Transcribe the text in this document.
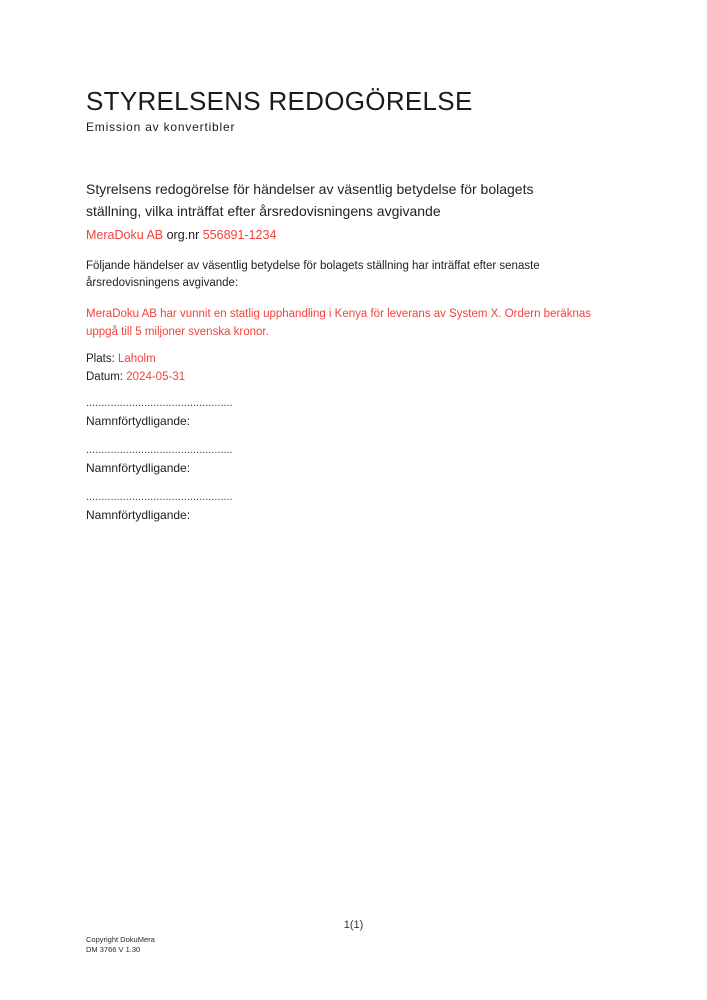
STYRELSENS REDOGÖRELSE
Emission av konvertibler
Styrelsens redogörelse för händelser av väsentlig betydelse för bolagets ställning, vilka inträffat efter årsredovisningens avgivande
MeraDoku AB org.nr 556891-1234
Följande händelser av väsentlig betydelse för bolagets ställning har inträffat efter senaste årsredovisningens avgivande:
MeraDoku AB har vunnit en statlig upphandling i Kenya för leverans av System X. Ordern beräknas uppgå till 5 miljoner svenska kronor.
Plats: Laholm
Datum: 2024-05-31
................................................
Namnförtydligande:
................................................
Namnförtydligande:
................................................
Namnförtydligande:
1(1)
Copyright DokuMera
DM 3766 V 1.30
